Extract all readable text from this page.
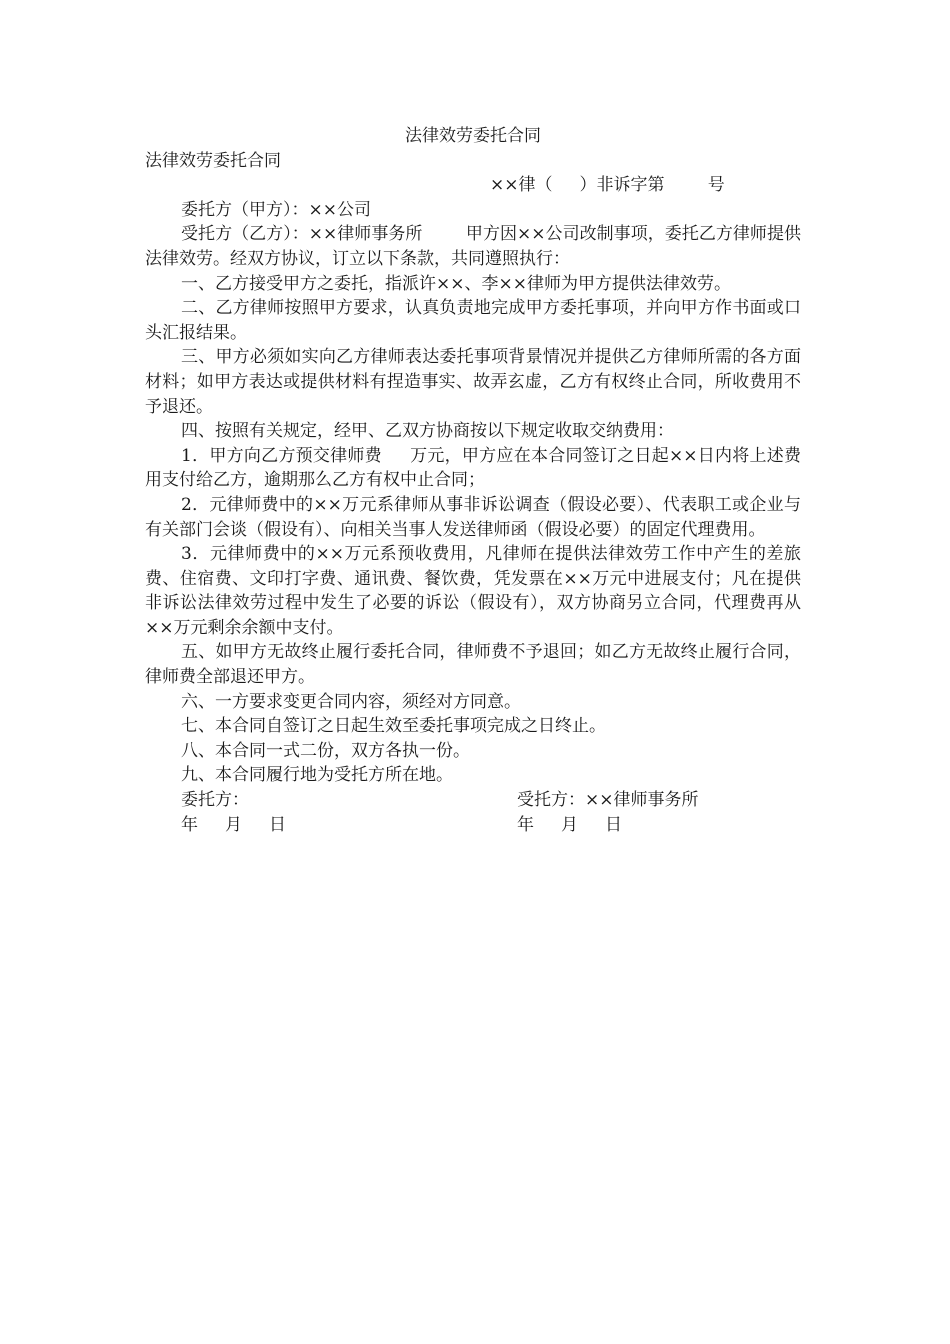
法律效劳委托合同

法律效劳委托合同

××律（     ）非诉字第        号

委托方（甲方）：××公司

受托方（乙方）：××律师事务所        甲方因××公司改制事项，委托乙方律师提供法律效劳。经双方协议，订立以下条款，共同遵照执行：

一、乙方接受甲方之委托，指派许××、李××律师为甲方提供法律效劳。

二、乙方律师按照甲方要求，认真负责地完成甲方委托事项，并向甲方作书面或口头汇报结果。

三、甲方必须如实向乙方律师表达委托事项背景情况并提供乙方律师所需的各方面材料；如甲方表达或提供材料有捏造事实、故弄玄虚，乙方有权终止合同，所收费用不予退还。

四、按照有关规定，经甲、乙双方协商按以下规定收取交纳费用：

1．甲方向乙方预交律师费     万元，甲方应在本合同签订之日起××日内将上述费用支付给乙方，逾期那么乙方有权中止合同；

2．元律师费中的××万元系律师从事非诉讼调查（假设必要）、代表职工或企业与有关部门会谈（假设有）、向相关当事人发送律师函（假设必要）的固定代理费用。

3．元律师费中的××万元系预收费用，凡律师在提供法律效劳工作中产生的差旅费、住宿费、文印打字费、通讯费、餐饮费，凭发票在××万元中进展支付；凡在提供非诉讼法律效劳过程中发生了必要的诉讼（假设有），双方协商另立合同，代理费再从××万元剩余余额中支付。

五、如甲方无故终止履行委托合同，律师费不予退回；如乙方无故终止履行合同，律师费全部退还甲方。

六、一方要求变更合同内容，须经对方同意。

七、本合同自签订之日起生效至委托事项完成之日终止。

八、本合同一式二份，双方各执一份。

九、本合同履行地为受托方所在地。

委托方：

	受托方：××律师事务所

年     月     日

	年     月     日
